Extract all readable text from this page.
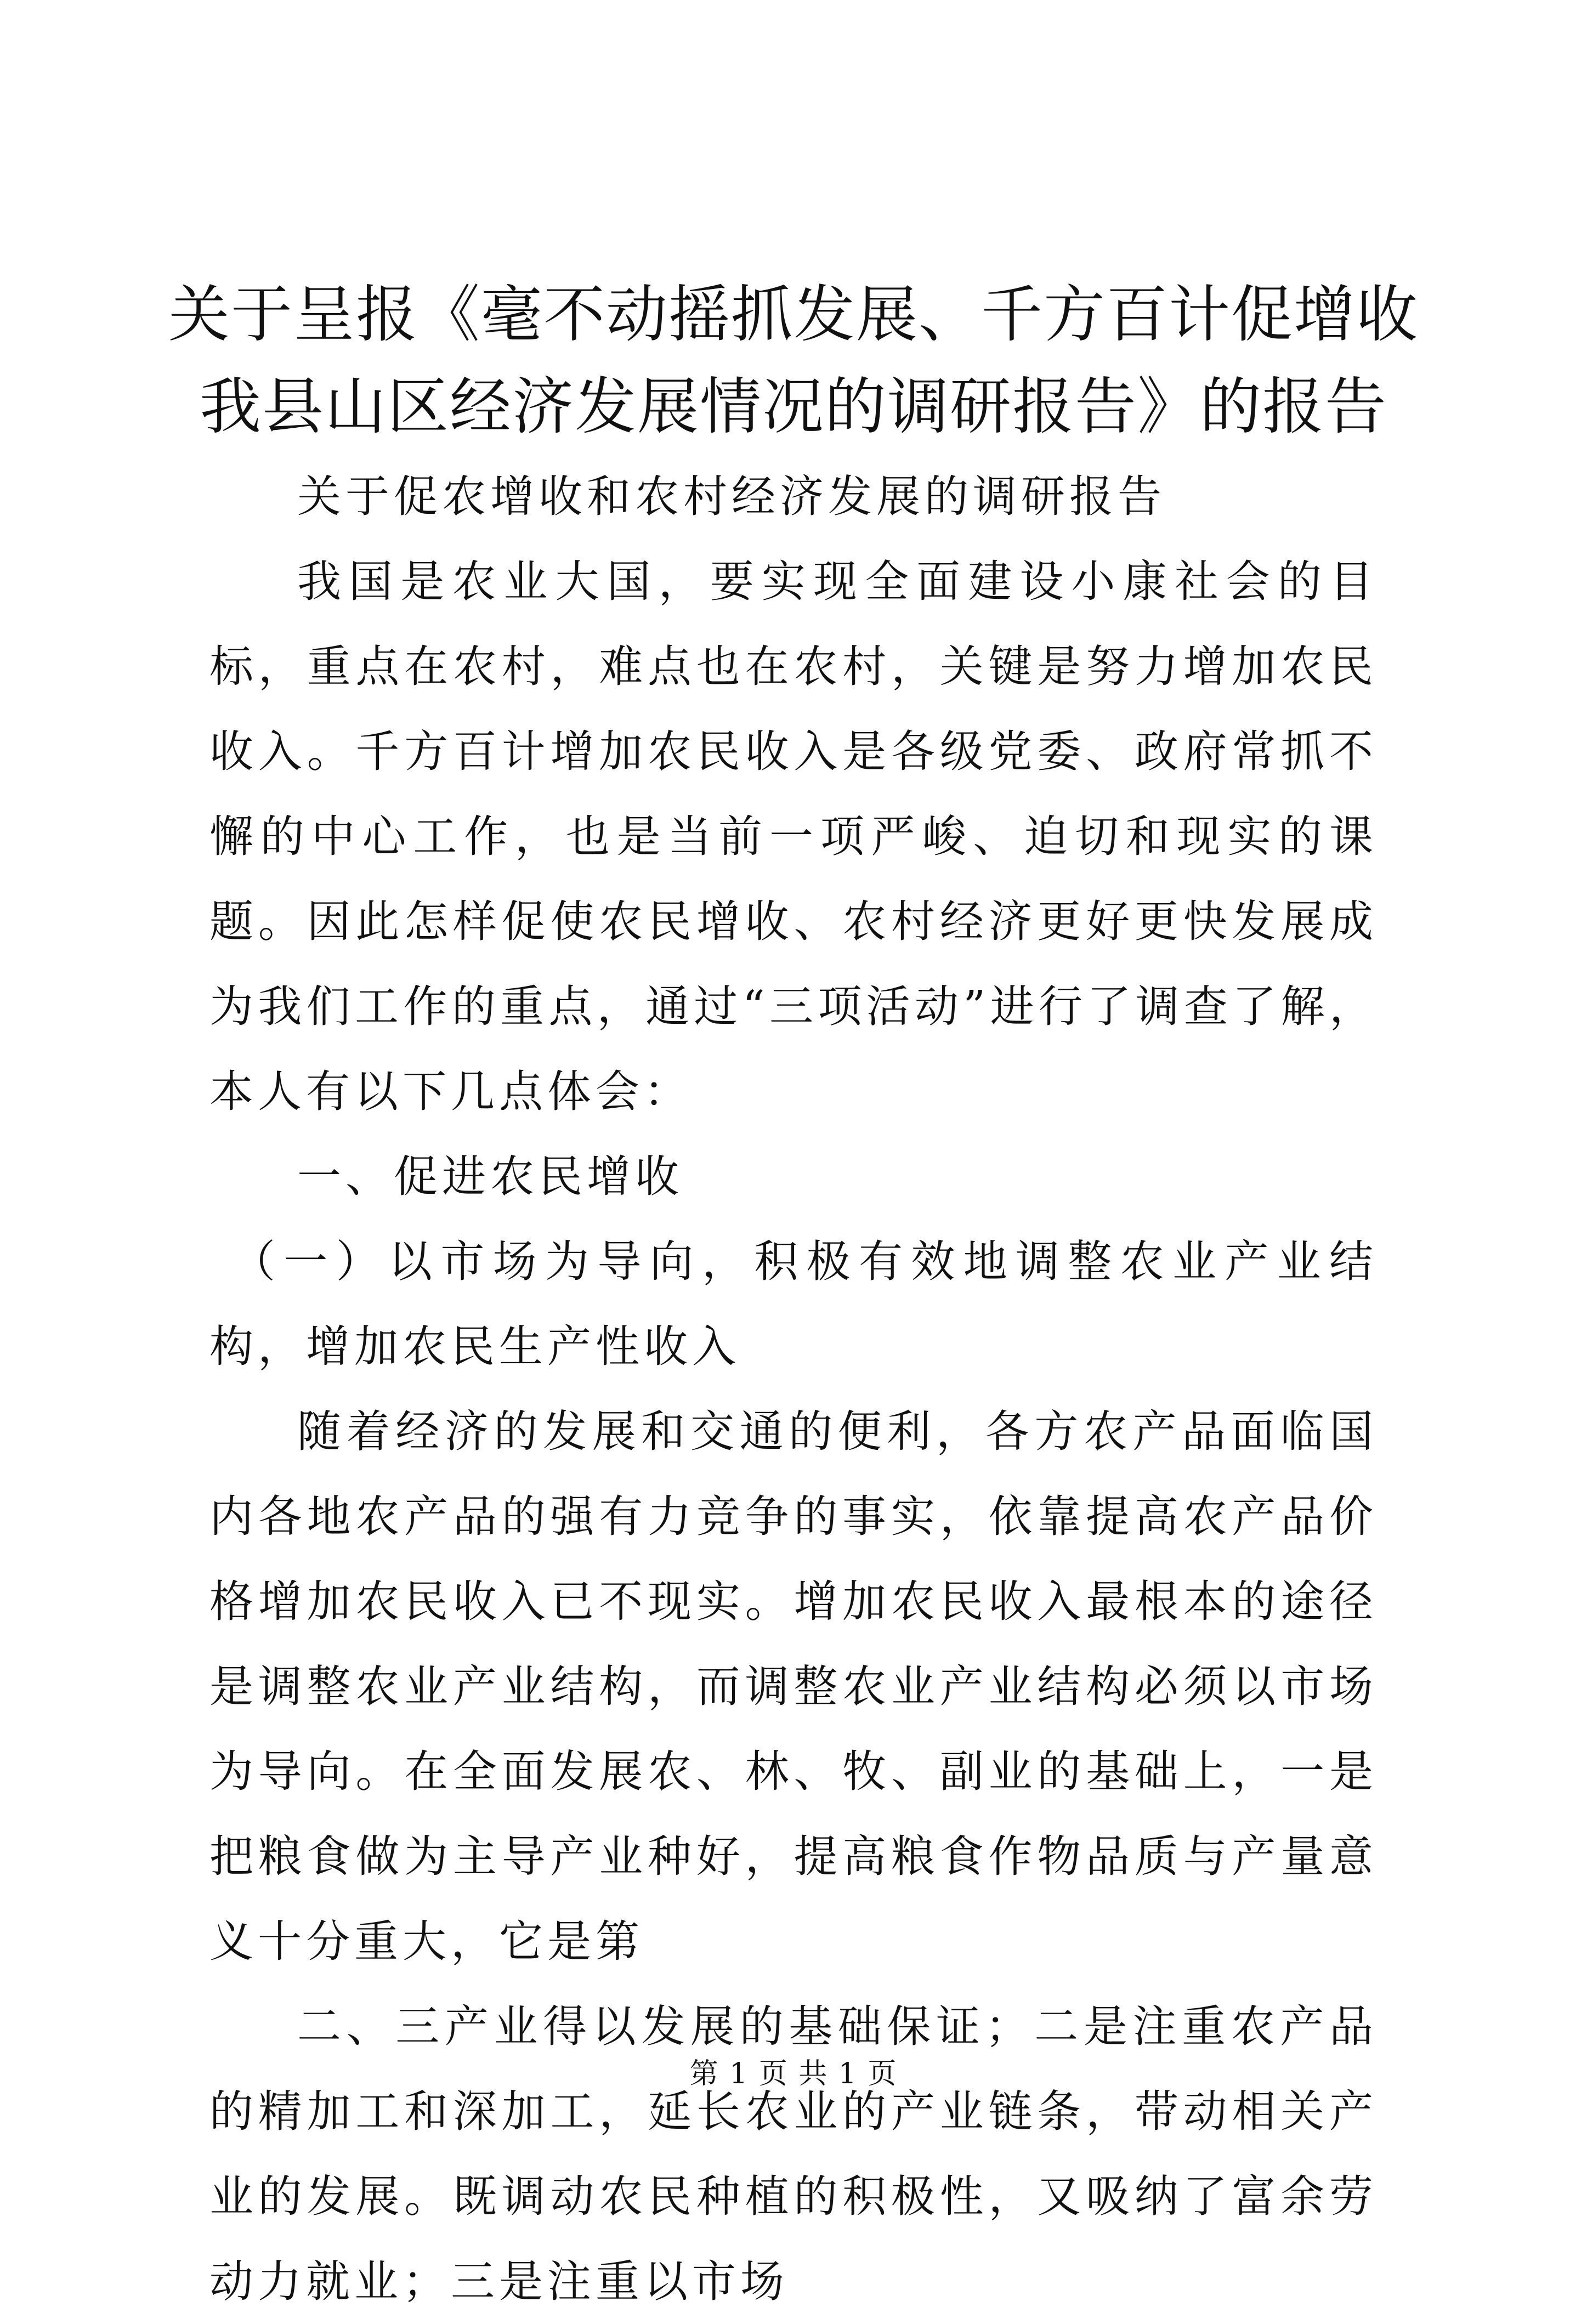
关于呈报《毫不动摇抓发展、千方百计促增收
我县山区经济发展情况的调研报告》的报告

关于促农增收和农村经济发展的调研报告

我国是农业大国，要实现全面建设小康社会的目标，重点在农村，难点也在农村，关键是努力增加农民收入。千方百计增加农民收入是各级党委、政府常抓不懈的中心工作，也是当前一项严峻、迫切和现实的课题。因此怎样促使农民增收、农村经济更好更快发展成为我们工作的重点，通过“三项活动”进行了调查了解，本人有以下几点体会：

一、促进农民增收

（一）以市场为导向，积极有效地调整农业产业结构，增加农民生产性收入

随着经济的发展和交通的便利，各方农产品面临国内各地农产品的强有力竞争的事实，依靠提高农产品价格增加农民收入已不现实。增加农民收入最根本的途径是调整农业产业结构，而调整农业产业结构必须以市场为导向。在全面发展农、林、牧、副业的基础上，一是把粮食做为主导产业种好，提高粮食作物品质与产量意义十分重大，它是第

二、三产业得以发展的基础保证；二是注重农产品的精加工和深加工，延长农业的产业链条，带动相关产业的发展。既调动农民种植的积极性，又吸纳了富余劳动力就业；三是注重以市场

第 1 页 共 1 页
